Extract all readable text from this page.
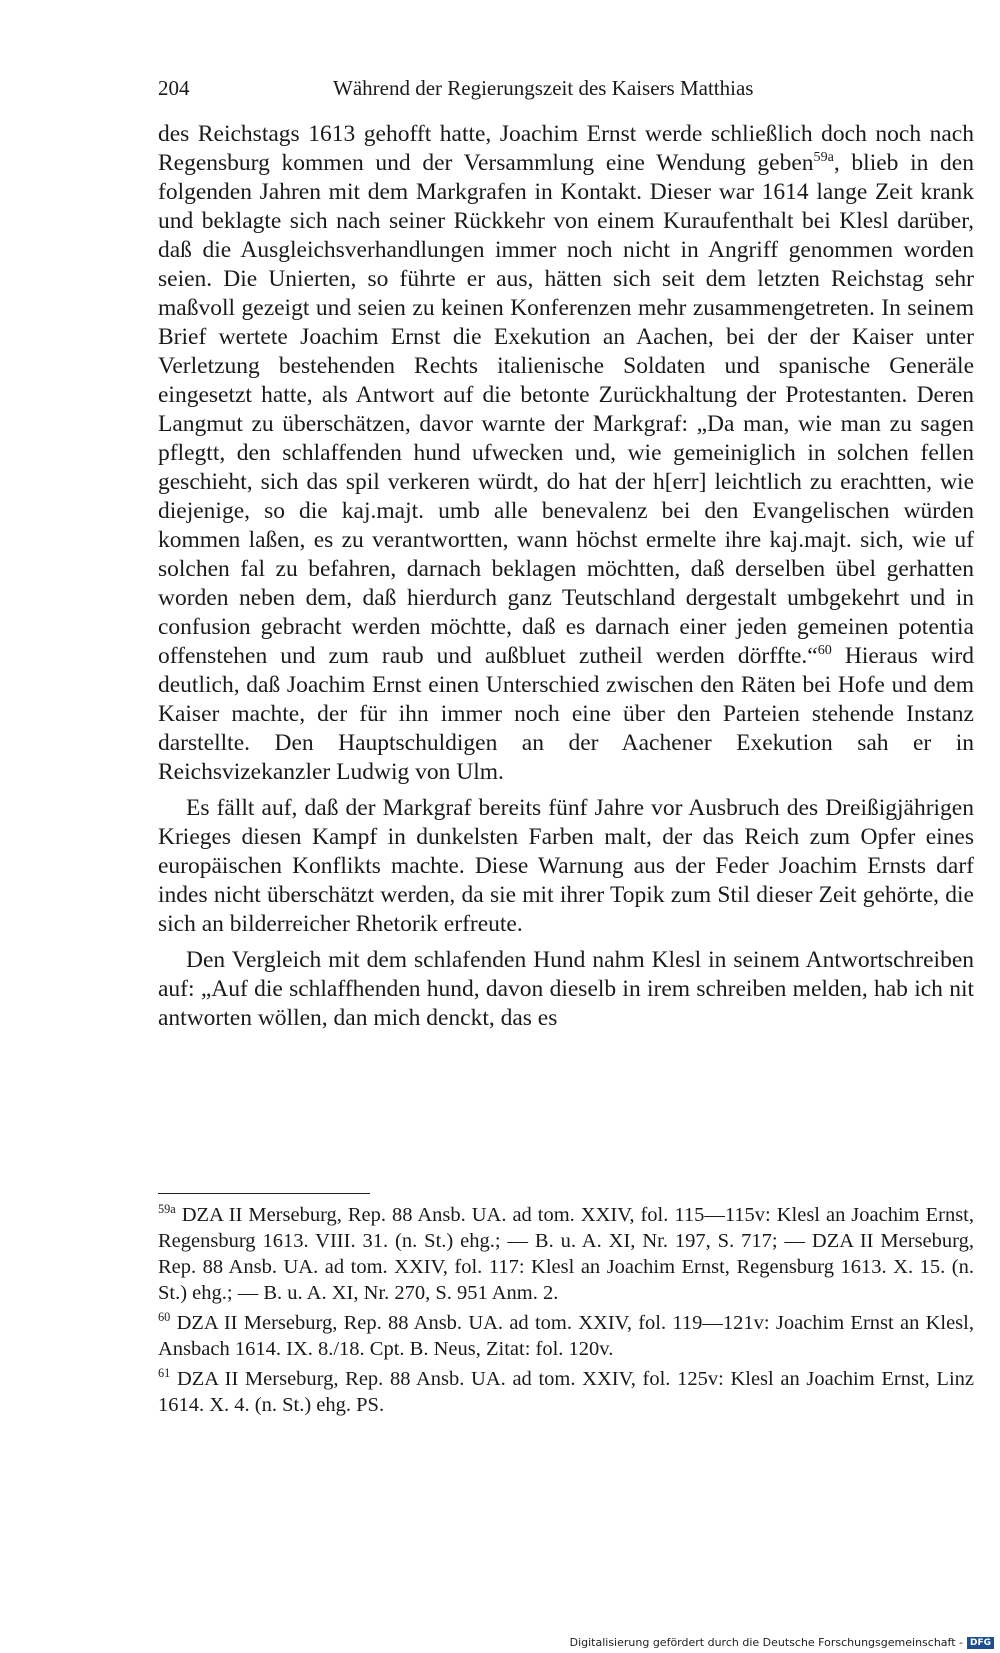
204	Während der Regierungszeit des Kaisers Matthias

des Reichstags 1613 gehofft hatte, Joachim Ernst werde schließlich doch noch nach Regensburg kommen und der Versammlung eine Wendung geben$^{59a}$, blieb in den folgenden Jahren mit dem Markgrafen in Kontakt. Dieser war 1614 lange Zeit krank und beklagte sich nach seiner Rückkehr von einem Kuraufenthalt bei Klesl darüber, daß die Ausgleichsverhandlungen immer noch nicht in Angriff genommen worden seien. Die Unierten, so führte er aus, hätten sich seit dem letzten Reichstag sehr maßvoll gezeigt und seien zu keinen Konferenzen mehr zusammengetreten. In seinem Brief wertete Joachim Ernst die Exekution an Aachen, bei der der Kaiser unter Verletzung bestehenden Rechts italienische Soldaten und spanische Generäle eingesetzt hatte, als Antwort auf die betonte Zurückhaltung der Protestanten. Deren Langmut zu überschätzen, davor warnte der Markgraf: „Da man, wie man zu sagen pflegtt, den schlaffenden hund ufwecken und, wie gemeiniglich in solchen fellen geschieht, sich das spil verkeren würdt, do hat der h[err] leichtlich zu erachtten, wie diejenige, so die kaj.majt. umb alle benevalenz bei den Evangelischen würden kommen laßen, es zu verantwortten, wann höchst ermelte ihre kaj.majt. sich, wie uf solchen fal zu befahren, darnach beklagen möchtten, daß derselben übel gerhatten worden neben dem, daß hierdurch ganz Teutschland dergestalt umbgekehrt und in confusion gebracht werden möchtte, daß es darnach einer jeden gemeinen potentia offenstehen und zum raub und außbluet zutheil werden dörffte.“$^{60}$ Hieraus wird deutlich, daß Joachim Ernst einen Unterschied zwischen den Räten bei Hofe und dem Kaiser machte, der für ihn immer noch eine über den Parteien stehende Instanz darstellte. Den Hauptschuldigen an der Aachener Exekution sah er in Reichsvizekanzler Ludwig von Ulm.

Es fällt auf, daß der Markgraf bereits fünf Jahre vor Ausbruch des Dreißigjährigen Krieges diesen Kampf in dunkelsten Farben malt, der das Reich zum Opfer eines europäischen Konflikts machte. Diese Warnung aus der Feder Joachim Ernsts darf indes nicht überschätzt werden, da sie mit ihrer Topik zum Stil dieser Zeit gehörte, die sich an bilderreicher Rhetorik erfreute.

Den Vergleich mit dem schlafenden Hund nahm Klesl in seinem Antwortschreiben auf: „Auf die schlaffhenden hund, davon dieselb in irem schreiben melden, hab ich nit antworten wöllen, dan mich denckt, das es

$^{59a}$ DZA II Merseburg, Rep. 88 Ansb. UA. ad tom. XXIV, fol. 115—115v: Klesl an Joachim Ernst, Regensburg 1613. VIII. 31. (n. St.) ehg.; — B. u. A. XI, Nr. 197, S. 717; — DZA II Merseburg, Rep. 88 Ansb. UA. ad tom. XXIV, fol. 117: Klesl an Joachim Ernst, Regensburg 1613. X. 15. (n. St.) ehg.; — B. u. A. XI, Nr. 270, S. 951 Anm. 2.

$^{60}$ DZA II Merseburg, Rep. 88 Ansb. UA. ad tom. XXIV, fol. 119—121v: Joachim Ernst an Klesl, Ansbach 1614. IX. 8./18. Cpt. B. Neus, Zitat: fol. 120v.

$^{61}$ DZA II Merseburg, Rep. 88 Ansb. UA. ad tom. XXIV, fol. 125v: Klesl an Joachim Ernst, Linz 1614. X. 4. (n. St.) ehg. PS.

Digitalisierung gefördert durch die Deutsche Forschungsgemeinschaft - DFG
